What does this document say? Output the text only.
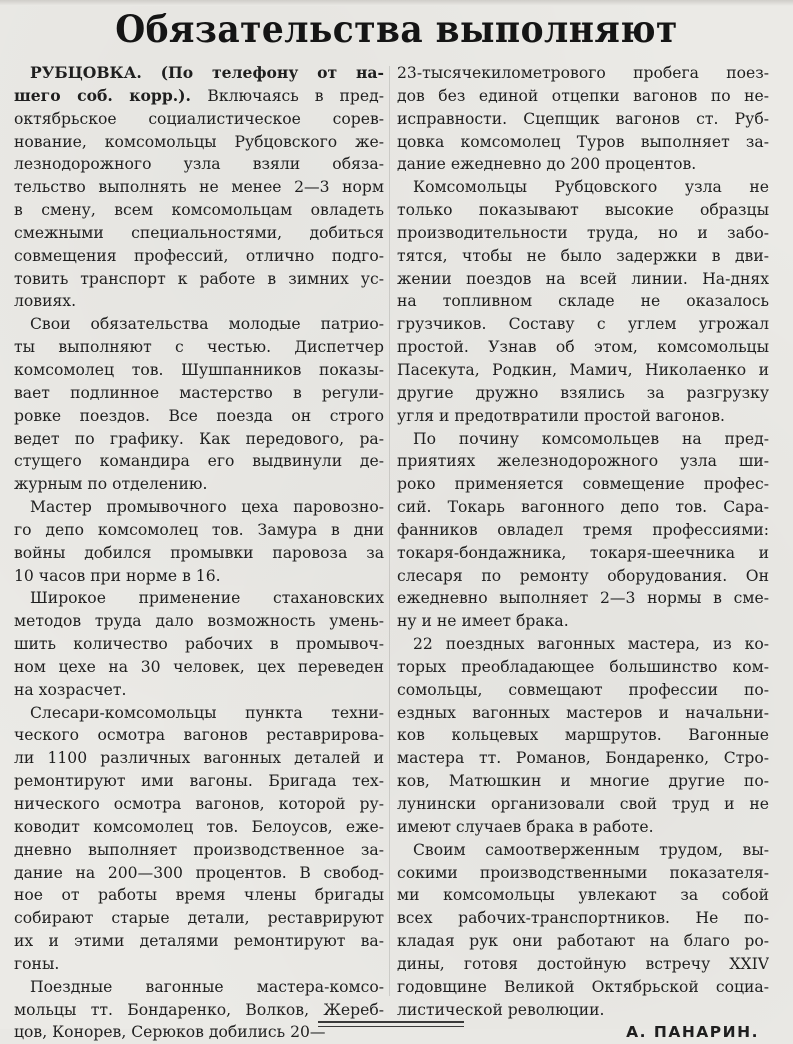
Обязательства выполняют
РУБЦОВКА. (По телефону от на-
шего соб. корр.). Включаясь в пред-
октябрьское социалистическое сорев-
нование, комсомольцы Рубцовского же-
лезнодорожного узла взяли обяза-
тельство выполнять не менее 2—3 норм
в смену, всем комсомольцам овладеть
смежными специальностями, добиться
совмещения профессий, отлично подго-
товить транспорт к работе в зимних ус-
ловиях.
Свои обязательства молодые патрио-
ты выполняют с честью. Диспетчер
комсомолец тов. Шушпанников показы-
вает подлинное мастерство в регули-
ровке поездов. Все поезда он строго
ведет по графику. Как передового, ра-
стущего командира его выдвинули де-
журным по отделению.
Мастер промывочного цеха паровозно-
го депо комсомолец тов. Замура в дни
войны добился промывки паровоза за
10 часов при норме в 16.
Широкое применение стахановских
методов труда дало возможность умень-
шить количество рабочих в промывоч-
ном цехе на 30 человек, цех переведен
на хозрасчет.
Слесари-комсомольцы пункта техни-
ческого осмотра вагонов реставрирова-
ли 1100 различных вагонных деталей и
ремонтируют ими вагоны. Бригада тех-
нического осмотра вагонов, которой ру-
ководит комсомолец тов. Белоусов, еже-
дневно выполняет производственное за-
дание на 200—300 процентов. В свобод-
ное от работы время члены бригады
собирают старые детали, реставрируют
их и этими деталями ремонтируют ва-
гоны.
Поездные вагонные мастера-комсо-
мольцы тт. Бондаренко, Волков, Жереб-
цов, Конорев, Серюков добились 20—
23-тысячекилометрового пробега поез-
дов без единой отцепки вагонов по не-
исправности. Сцепщик вагонов ст. Руб-
цовка комсомолец Туров выполняет за-
дание ежедневно до 200 процентов.
Комсомольцы Рубцовского узла не
только показывают высокие образцы
производительности труда, но и забо-
тятся, чтобы не было задержки в дви-
жении поездов на всей линии. На-днях
на топливном складе не оказалось
грузчиков. Составу с углем угрожал
простой. Узнав об этом, комсомольцы
Пасекута, Родкин, Мамич, Николаенко и
другие дружно взялись за разгрузку
угля и предотвратили простой вагонов.
По почину комсомольцев на пред-
приятиях железнодорожного узла ши-
роко применяется совмещение профес-
сий. Токарь вагонного депо тов. Сара-
фанников овладел тремя профессиями:
токаря-бондажника, токаря-шеечника и
слесаря по ремонту оборудования. Он
ежедневно выполняет 2—3 нормы в сме-
ну и не имеет брака.
22 поездных вагонных мастера, из ко-
торых преобладающее большинство ком-
сомольцы, совмещают профессии по-
ездных вагонных мастеров и начальни-
ков кольцевых маршрутов. Вагонные
мастера тт. Романов, Бондаренко, Стро-
ков, Матюшкин и многие другие по-
лунински организовали свой труд и не
имеют случаев брака в работе.
Своим самоотверженным трудом, вы-
сокими производственными показателя-
ми комсомольцы увлекают за собой
всех рабочих-транспортников. Не по-
кладая рук они работают на благо ро-
дины, готовя достойную встречу XXIV
годовщине Великой Октябрьской социа-
листической революции.
А. ПАНАРИН.
